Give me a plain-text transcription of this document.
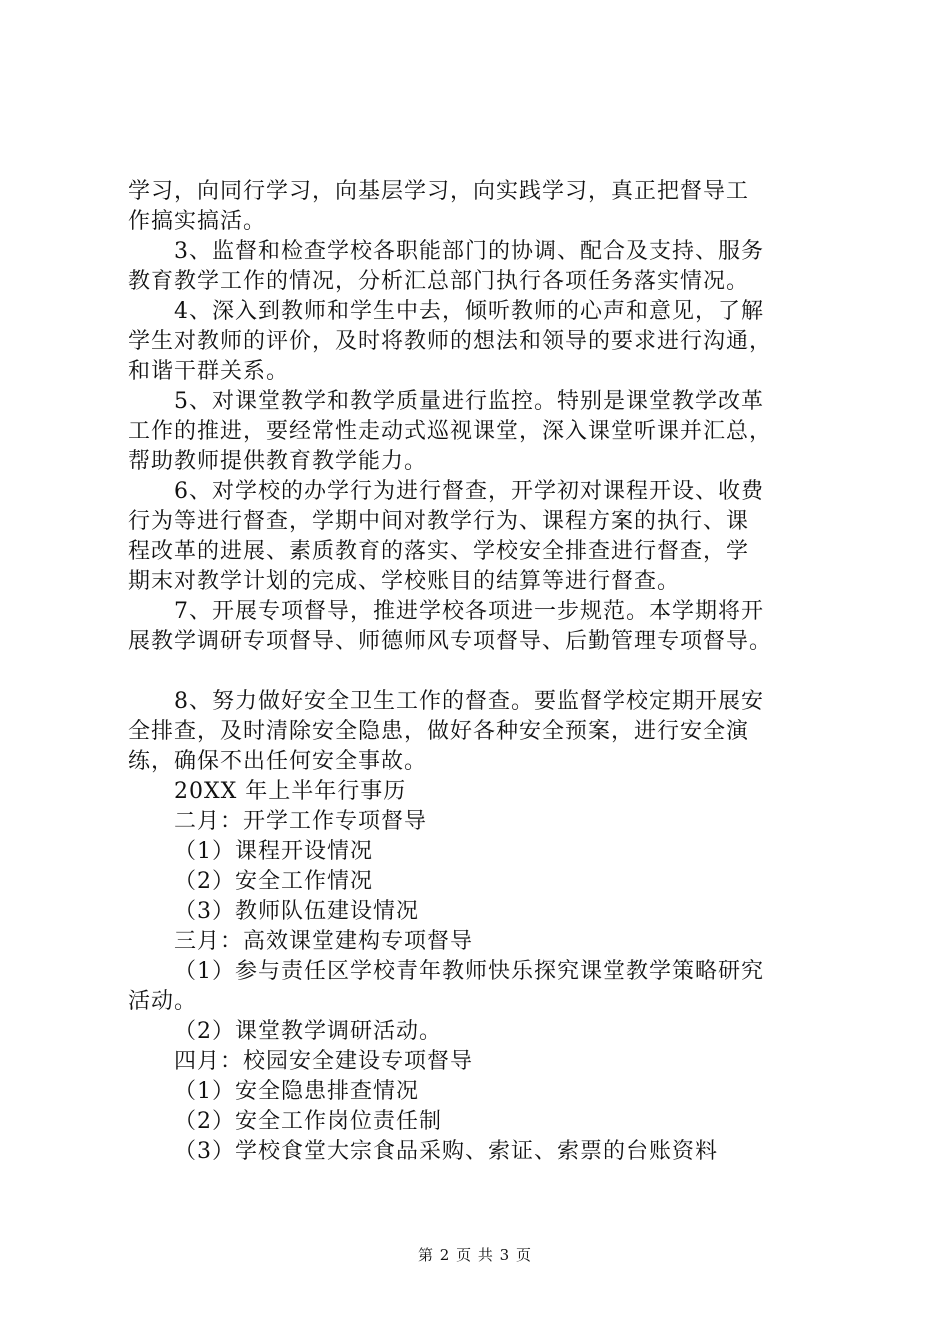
学习，向同行学习，向基层学习，向实践学习，真正把督导工

作搞实搞活。

3、监督和检查学校各职能部门的协调、配合及支持、服务

教育教学工作的情况，分析汇总部门执行各项任务落实情况。

4、深入到教师和学生中去，倾听教师的心声和意见，了解

学生对教师的评价，及时将教师的想法和领导的要求进行沟通，

和谐干群关系。

5、对课堂教学和教学质量进行监控。特别是课堂教学改革

工作的推进，要经常性走动式巡视课堂，深入课堂听课并汇总，

帮助教师提供教育教学能力。

6、对学校的办学行为进行督查，开学初对课程开设、收费

行为等进行督查，学期中间对教学行为、课程方案的执行、课

程改革的进展、素质教育的落实、学校安全排查进行督查，学

期末对教学计划的完成、学校账目的结算等进行督查。

7、开展专项督导，推进学校各项进一步规范。本学期将开

展教学调研专项督导、师德师风专项督导、后勤管理专项督导。

8、努力做好安全卫生工作的督查。要监督学校定期开展安

全排查，及时清除安全隐患，做好各种安全预案，进行安全演

练，确保不出任何安全事故。

20XX 年上半年行事历

二月：开学工作专项督导

（1）课程开设情况

（2）安全工作情况

（3）教师队伍建设情况

三月：高效课堂建构专项督导

（1）参与责任区学校青年教师快乐探究课堂教学策略研究

活动。

（2）课堂教学调研活动。

四月：校园安全建设专项督导

（1）安全隐患排查情况

（2）安全工作岗位责任制

（3）学校食堂大宗食品采购、索证、索票的台账资料

第 2 页 共 3 页
